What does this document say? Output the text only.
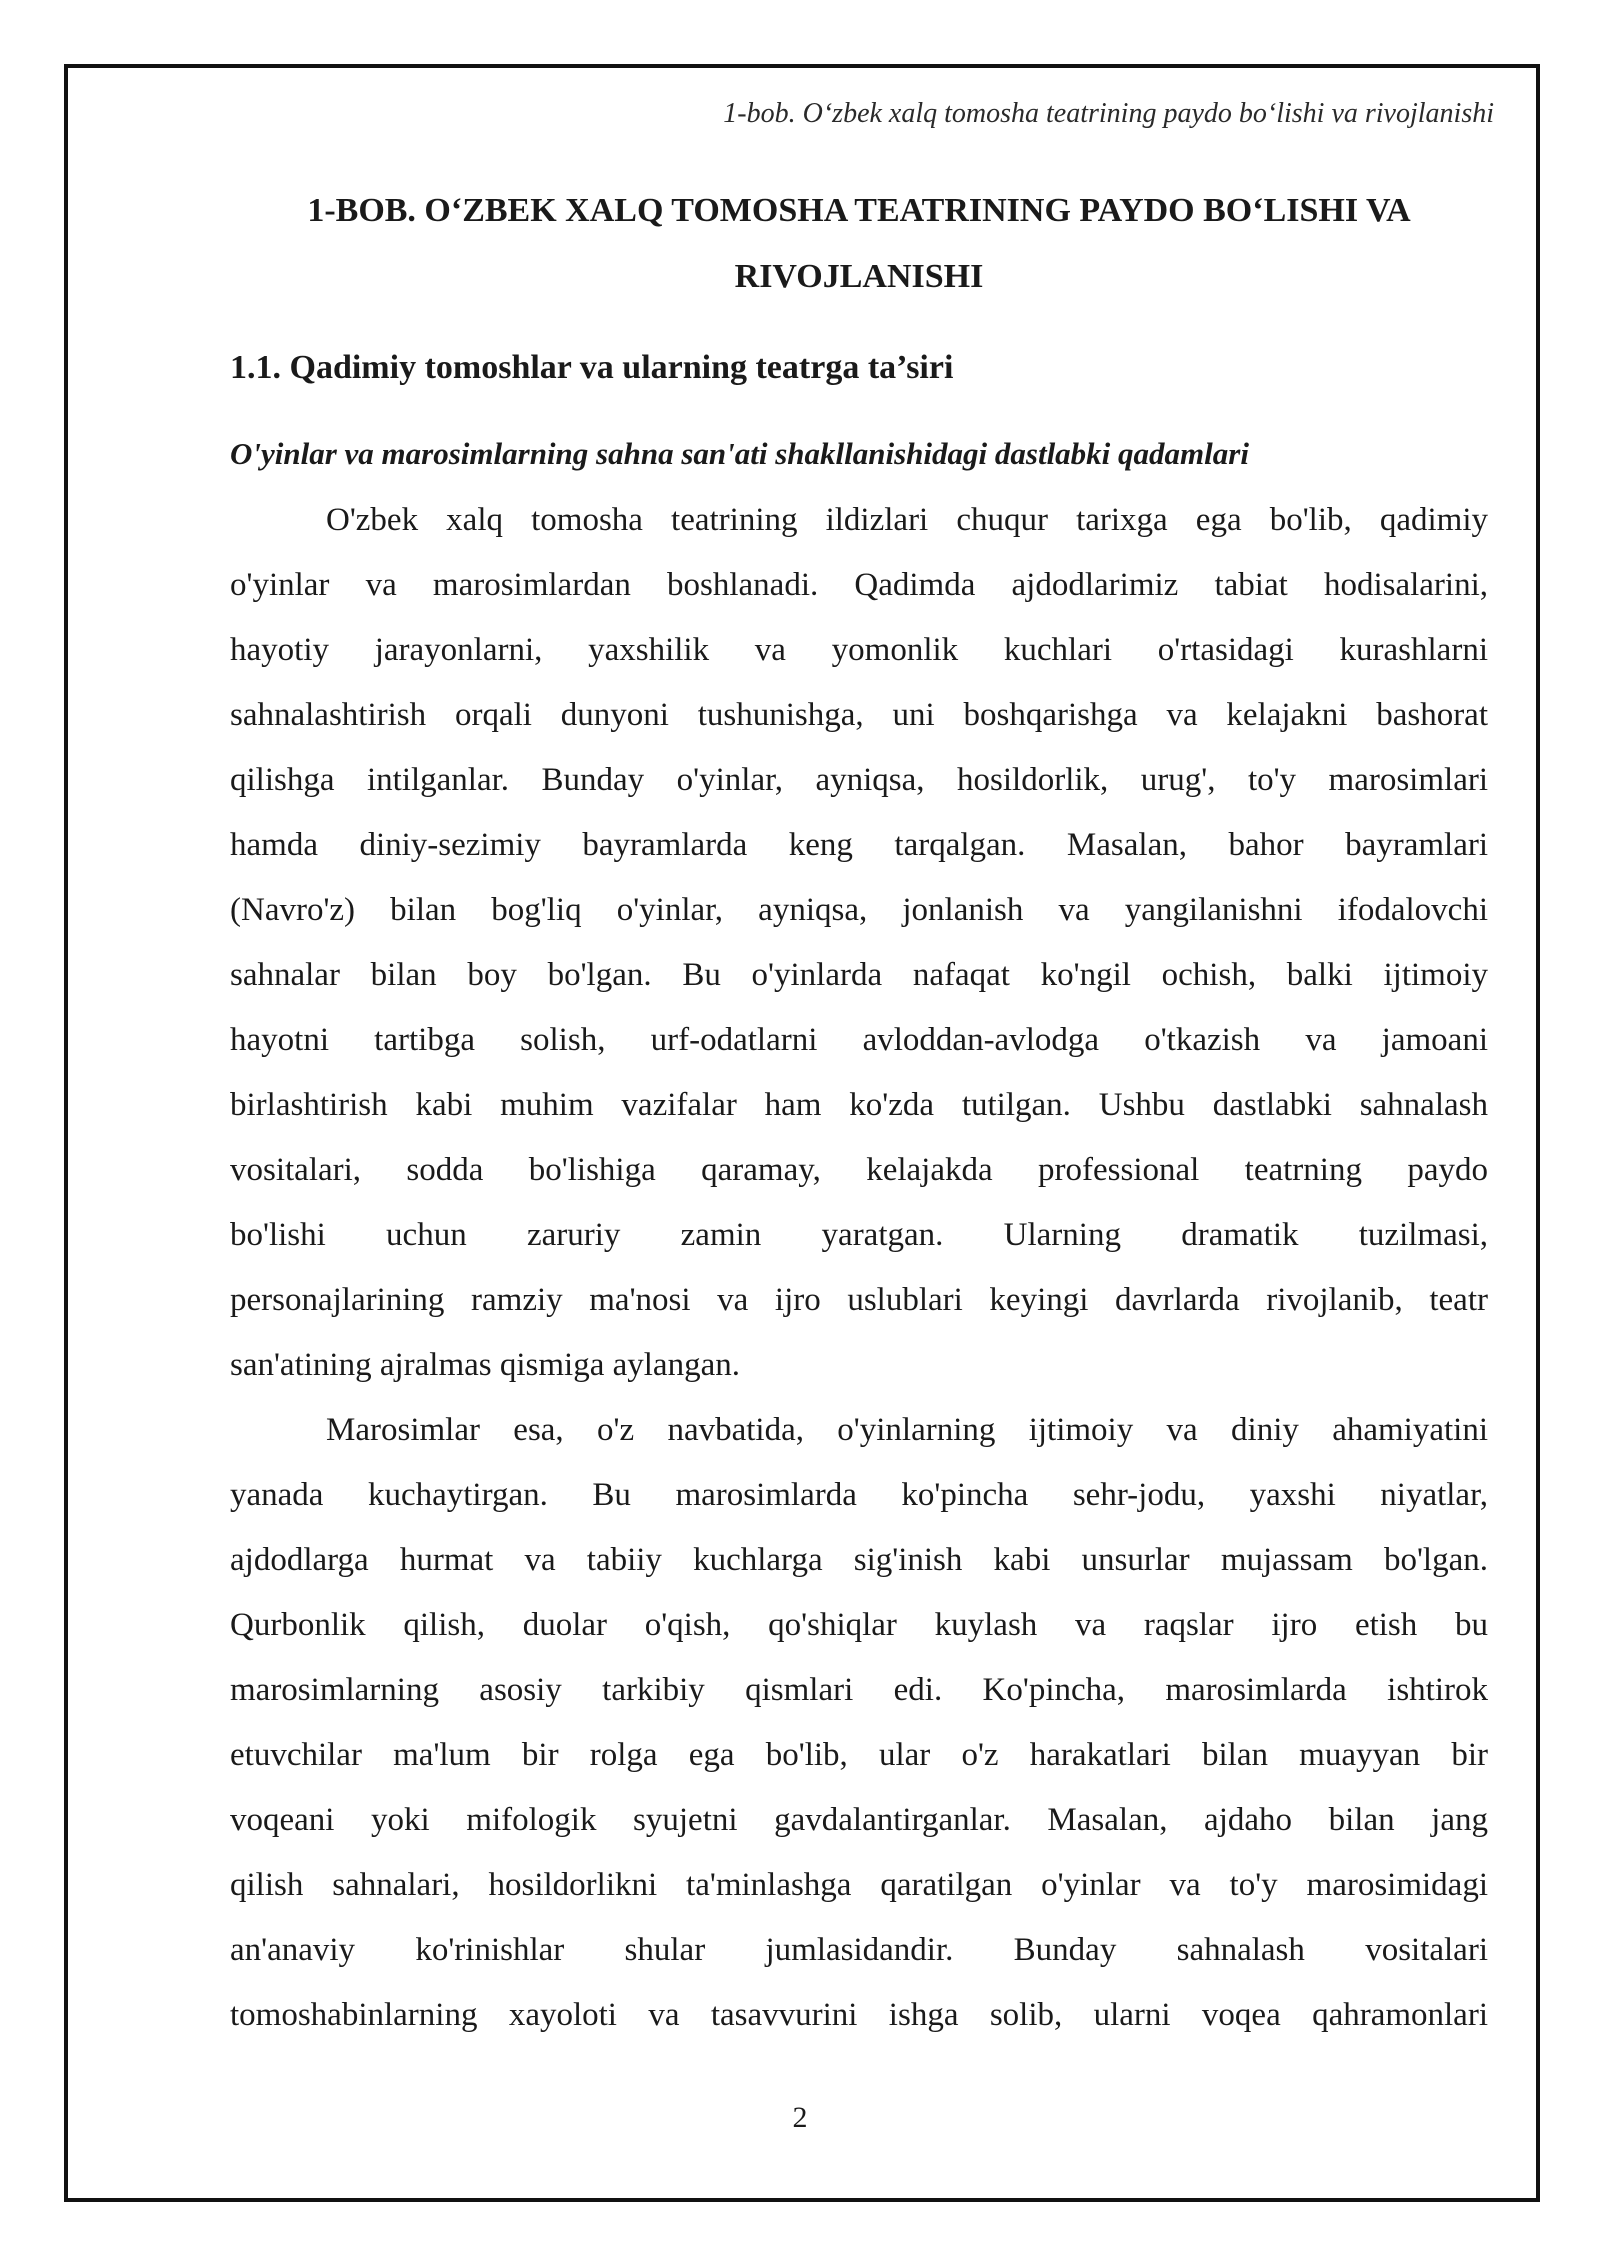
1-bob. O‘zbek xalq tomosha teatrining paydo bo‘lishi va rivojlanishi
1-BOB. O‘ZBEK XALQ TOMOSHA TEATRINING PAYDO BO‘LISHI VA
RIVOJLANISHI
1.1. Qadimiy tomoshlar va ularning teatrga ta’siri
O'yinlar va marosimlarning sahna san'ati shakllanishidagi dastlabki qadamlari

O'zbek xalq tomosha teatrining ildizlari chuqur tarixga ega bo'lib, qadimiy
o'yinlar va marosimlardan boshlanadi. Qadimda ajdodlarimiz tabiat hodisalarini,
hayotiy jarayonlarni, yaxshilik va yomonlik kuchlari o'rtasidagi kurashlarni
sahnalashtirish orqali dunyoni tushunishga, uni boshqarishga va kelajakni bashorat
qilishga intilganlar. Bunday o'yinlar, ayniqsa, hosildorlik, urug', to'y marosimlari
hamda diniy-sezimiy bayramlarda keng tarqalgan. Masalan, bahor bayramlari
(Navro'z) bilan bog'liq o'yinlar, ayniqsa, jonlanish va yangilanishni ifodalovchi
sahnalar bilan boy bo'lgan. Bu o'yinlarda nafaqat ko'ngil ochish, balki ijtimoiy
hayotni tartibga solish, urf-odatlarni avloddan-avlodga o'tkazish va jamoani
birlashtirish kabi muhim vazifalar ham ko'zda tutilgan. Ushbu dastlabki sahnalash
vositalari, sodda bo'lishiga qaramay, kelajakda professional teatrning paydo
bo'lishi uchun zaruriy zamin yaratgan. Ularning dramatik tuzilmasi,
personajlarining ramziy ma'nosi va ijro uslublari keyingi davrlarda rivojlanib, teatr
san'atining ajralmas qismiga aylangan.

Marosimlar esa, o'z navbatida, o'yinlarning ijtimoiy va diniy ahamiyatini
yanada kuchaytirgan. Bu marosimlarda ko'pincha sehr-jodu, yaxshi niyatlar,
ajdodlarga hurmat va tabiiy kuchlarga sig'inish kabi unsurlar mujassam bo'lgan.
Qurbonlik qilish, duolar o'qish, qo'shiqlar kuylash va raqslar ijro etish bu
marosimlarning asosiy tarkibiy qismlari edi. Ko'pincha, marosimlarda ishtirok
etuvchilar ma'lum bir rolga ega bo'lib, ular o'z harakatlari bilan muayyan bir
voqeani yoki mifologik syujetni gavdalantirganlar. Masalan, ajdaho bilan jang
qilish sahnalari, hosildorlikni ta'minlashga qaratilgan o'yinlar va to'y marosimidagi
an'anaviy ko'rinishlar shular jumlasidandir. Bunday sahnalash vositalari
tomoshabinlarning xayoloti va tasavvurini ishga solib, ularni voqea qahramonlari

2
